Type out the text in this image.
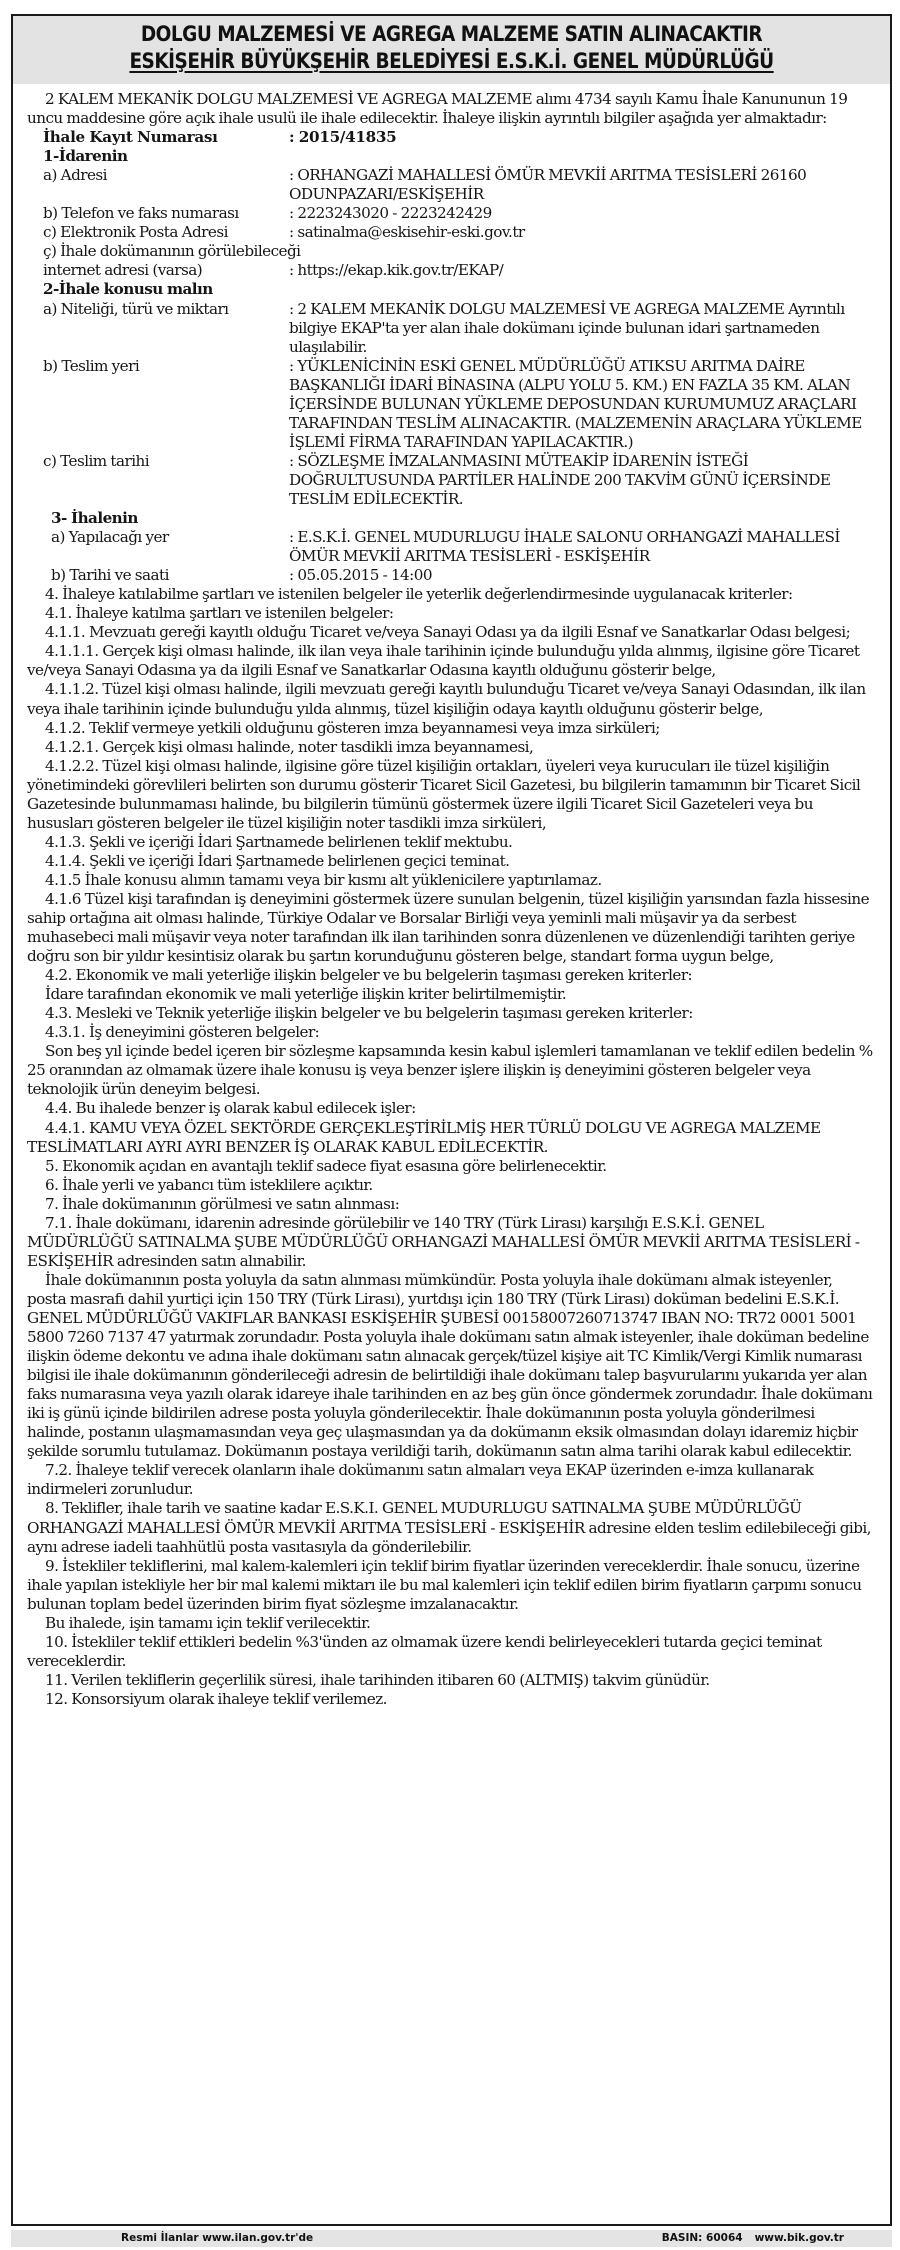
DOLGU MALZEMESİ VE AGREGA MALZEME SATIN ALINACAKTIR
ESKİŞEHİR BÜYÜKŞEHİR BELEDİYESİ E.S.K.İ. GENEL MÜDÜRLÜĞÜ

2 KALEM MEKANİK DOLGU MALZEMESİ VE AGREGA MALZEME alımı 4734 sayılı Kamu İhale Kanununun 19 uncu maddesine göre açık ihale usulü ile ihale edilecektir. İhaleye ilişkin ayrıntılı bilgiler aşağıda yer almaktadır:

İhale Kayıt Numarası	: 2015/41835
1-İdarenin
a) Adresi	: ORHANGAZİ MAHALLESİ ÖMÜR MEVKİİ ARITMA TESİSLERİ 26160 ODUNPAZARI/ESKİŞEHİR
b) Telefon ve faks numarası	: 2223243020 - 2223242429
c) Elektronik Posta Adresi	: satinalma@eskisehir-eski.gov.tr
ç) İhale dokümanının görülebileceği
internet adresi (varsa)	: https://ekap.kik.gov.tr/EKAP/
2-İhale konusu malın
a) Niteliği, türü ve miktarı	: 2 KALEM MEKANİK DOLGU MALZEMESİ VE AGREGA MALZEME Ayrıntılı bilgiye EKAP'ta yer alan ihale dokümanı içinde bulunan idari şartnameden ulaşılabilir.
b) Teslim yeri	: YÜKLENİCİNİN ESKİ GENEL MÜDÜRLÜĞÜ ATIKSU ARITMA DAİRE BAŞKANLIĞI İDARİ BİNASINA (ALPU YOLU 5. KM.) EN FAZLA 35 KM. ALAN İÇERSİNDE BULUNAN YÜKLEME DEPOSUNDAN KURUMUMUZ ARAÇLARI TARAFINDAN TESLİM ALINACAKTIR. (MALZEMENİN ARAÇLARA YÜKLEME İŞLEMİ FİRMA TARAFINDAN YAPILACAKTIR.)
c) Teslim tarihi	: SÖZLEŞME İMZALANMASINI MÜTEAKİP İDARENİN İSTEĞİ DOĞRULTUSUNDA PARTİLER HALİNDE 200 TAKVİM GÜNÜ İÇERSİNDE TESLİM EDİLECEKTİR.
3- İhalenin
a) Yapılacağı yer	: E.S.K.İ. GENEL MUDURLUGU İHALE SALONU ORHANGAZİ MAHALLESİ ÖMÜR MEVKİİ ARITMA TESİSLERİ - ESKİŞEHİR
b) Tarihi ve saati	: 05.05.2015 - 14:00

4. İhaleye katılabilme şartları ve istenilen belgeler ile yeterlik değerlendirmesinde uygulanacak kriterler:

4.1. İhaleye katılma şartları ve istenilen belgeler:

4.1.1. Mevzuatı gereği kayıtlı olduğu Ticaret ve/veya Sanayi Odası ya da ilgili Esnaf ve Sanatkarlar Odası belgesi;

4.1.1.1. Gerçek kişi olması halinde, ilk ilan veya ihale tarihinin içinde bulunduğu yılda alınmış, ilgisine göre Ticaret ve/veya Sanayi Odasına ya da ilgili Esnaf ve Sanatkarlar Odasına kayıtlı olduğunu gösterir belge,

4.1.1.2. Tüzel kişi olması halinde, ilgili mevzuatı gereği kayıtlı bulunduğu Ticaret ve/veya Sanayi Odasından, ilk ilan veya ihale tarihinin içinde bulunduğu yılda alınmış, tüzel kişiliğin odaya kayıtlı olduğunu gösterir belge,

4.1.2. Teklif vermeye yetkili olduğunu gösteren imza beyannamesi veya imza sirküleri;

4.1.2.1. Gerçek kişi olması halinde, noter tasdikli imza beyannamesi,

4.1.2.2. Tüzel kişi olması halinde, ilgisine göre tüzel kişiliğin ortakları, üyeleri veya kurucuları ile tüzel kişiliğin yönetimindeki görevlileri belirten son durumu gösterir Ticaret Sicil Gazetesi, bu bilgilerin tamamının bir Ticaret Sicil Gazetesinde bulunmaması halinde, bu bilgilerin tümünü göstermek üzere ilgili Ticaret Sicil Gazeteleri veya bu hususları gösteren belgeler ile tüzel kişiliğin noter tasdikli imza sirküleri,

4.1.3. Şekli ve içeriği İdari Şartnamede belirlenen teklif mektubu.

4.1.4. Şekli ve içeriği İdari Şartnamede belirlenen geçici teminat.

4.1.5 İhale konusu alımın tamamı veya bir kısmı alt yüklenicilere yaptırılamaz.

4.1.6 Tüzel kişi tarafından iş deneyimini göstermek üzere sunulan belgenin, tüzel kişiliğin yarısından fazla hissesine sahip ortağına ait olması halinde, Türkiye Odalar ve Borsalar Birliği veya yeminli mali müşavir ya da serbest muhasebeci mali müşavir veya noter tarafından ilk ilan tarihinden sonra düzenlenen ve düzenlendiği tarihten geriye doğru son bir yıldır kesintisiz olarak bu şartın korunduğunu gösteren belge, standart forma uygun belge,

4.2. Ekonomik ve mali yeterliğe ilişkin belgeler ve bu belgelerin taşıması gereken kriterler:

İdare tarafından ekonomik ve mali yeterliğe ilişkin kriter belirtilmemiştir.

4.3. Mesleki ve Teknik yeterliğe ilişkin belgeler ve bu belgelerin taşıması gereken kriterler:

4.3.1. İş deneyimini gösteren belgeler:

Son beş yıl içinde bedel içeren bir sözleşme kapsamında kesin kabul işlemleri tamamlanan ve teklif edilen bedelin % 25 oranından az olmamak üzere ihale konusu iş veya benzer işlere ilişkin iş deneyimini gösteren belgeler veya teknolojik ürün deneyim belgesi.

4.4. Bu ihalede benzer iş olarak kabul edilecek işler:

4.4.1. KAMU VEYA ÖZEL SEKTÖRDE GERÇEKLEŞTİRİLMİŞ HER TÜRLÜ DOLGU VE AGREGA MALZEME TESLİMATLARI AYRI AYRI BENZER İŞ OLARAK KABUL EDİLECEKTİR.

5. Ekonomik açıdan en avantajlı teklif sadece fiyat esasına göre belirlenecektir.

6. İhale yerli ve yabancı tüm isteklilere açıktır.

7. İhale dokümanının görülmesi ve satın alınması:

7.1. İhale dokümanı, idarenin adresinde görülebilir ve 140 TRY (Türk Lirası) karşılığı E.S.K.İ. GENEL MÜDÜRLÜĞÜ SATINALMA ŞUBE MÜDÜRLÜĞÜ ORHANGAZİ MAHALLESİ ÖMÜR MEVKİİ ARITMA TESİSLERİ - ESKİŞEHİR adresinden satın alınabilir.

İhale dokümanının posta yoluyla da satın alınması mümkündür. Posta yoluyla ihale dokümanı almak isteyenler, posta masrafı dahil yurtiçi için 150 TRY (Türk Lirası), yurtdışı için 180 TRY (Türk Lirası) doküman bedelini E.S.K.İ. GENEL MÜDÜRLÜĞÜ VAKIFLAR BANKASI ESKİŞEHİR ŞUBESİ 00158007260713747 IBAN NO: TR72 0001 5001 5800 7260 7137 47 yatırmak zorundadır. Posta yoluyla ihale dokümanı satın almak isteyenler, ihale doküman bedeline ilişkin ödeme dekontu ve adına ihale dokümanı satın alınacak gerçek/tüzel kişiye ait TC Kimlik/Vergi Kimlik numarası bilgisi ile ihale dokümanının gönderileceği adresin de belirtildiği ihale dokümanı talep başvurularını yukarıda yer alan faks numarasına veya yazılı olarak idareye ihale tarihinden en az beş gün önce göndermek zorundadır. İhale dokümanı iki iş günü içinde bildirilen adrese posta yoluyla gönderilecektir. İhale dokümanının posta yoluyla gönderilmesi halinde, postanın ulaşmamasından veya geç ulaşmasından ya da dokümanın eksik olmasından dolayı idaremiz hiçbir şekilde sorumlu tutulamaz. Dokümanın postaya verildiği tarih, dokümanın satın alma tarihi olarak kabul edilecektir.

7.2. İhaleye teklif verecek olanların ihale dokümanını satın almaları veya EKAP üzerinden e-imza kullanarak indirmeleri zorunludur.

8. Teklifler, ihale tarih ve saatine kadar E.S.K.I. GENEL MUDURLUGU SATINALMA ŞUBE MÜDÜRLÜĞÜ ORHANGAZİ MAHALLESİ ÖMÜR MEVKİİ ARITMA TESİSLERİ - ESKİŞEHİR adresine elden teslim edilebileceği gibi, aynı adrese iadeli taahhütlü posta vasıtasıyla da gönderilebilir.

9. İstekliler tekliflerini, mal kalem-kalemleri için teklif birim fiyatlar üzerinden vereceklerdir. İhale sonucu, üzerine ihale yapılan istekliyle her bir mal kalemi miktarı ile bu mal kalemleri için teklif edilen birim fiyatların çarpımı sonucu bulunan toplam bedel üzerinden birim fiyat sözleşme imzalanacaktır.

Bu ihalede, işin tamamı için teklif verilecektir.

10. İstekliler teklif ettikleri bedelin %3'ünden az olmamak üzere kendi belirleyecekleri tutarda geçici teminat vereceklerdir.

11. Verilen tekliflerin geçerlilik süresi, ihale tarihinden itibaren 60 (ALTMIŞ) takvim günüdür.

12. Konsorsiyum olarak ihaleye teklif verilemez.

Resmi İlanlar www.ilan.gov.tr'de	BASIN: 60064 www.bik.gov.tr
